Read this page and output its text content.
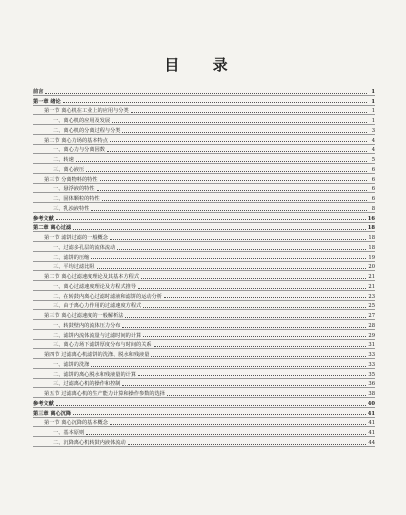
目 录
前言	1
第一章 绪论	1
第一节 离心机在工业上的应用与分类	1
一、离心机的应用及发展	1
二、离心机的分离过程与分类	3
第二节 离心力场的基本特点	4
一、离心力与分离因数	4
二、转速	5
三、离心液压	6
第三节 分离物料的特性	6
一、悬浮液的特性	6
二、固体颗粒的特性	6
三、乳浊液特性	8
参考文献	16
第二章 离心过滤	18
第一节 滤饼过滤的一般概念	18
一、过滤多孔层的流体流动	18
二、滤饼的压缩	19
三、平均过滤比阻	20
第二节 离心过滤速度理论及其基本方程式	21
一、离心过滤速度理论及方程式推导	21
二、在转鼓内离心过滤时滤液和滤饼的运动分析	23
三、由于离心力作用的过滤速度方程式	25
第三节 离心过滤速度的一般解析法	27
一、转鼓壁内的流体压力分布	28
二、滤饼内流体流量与过滤时间的计算	29
三、离心力场下滤饼厚度分布与时间的关系	31
第四节 过滤离心机滤饼的洗涤、脱水和残液量	33
一、滤饼的洗涤	33
二、滤饼的离心脱水和残液量的计算	35
三、过滤离心机的操作和控制	36
第五节 过滤离心机的生产能力计算和操作参数的选择	38
参考文献	40
第三章 离心沉降	41
第一节 离心沉降的基本概念	41
一、基本原则	41
二、沉降离心机转鼓内液体流动	44
